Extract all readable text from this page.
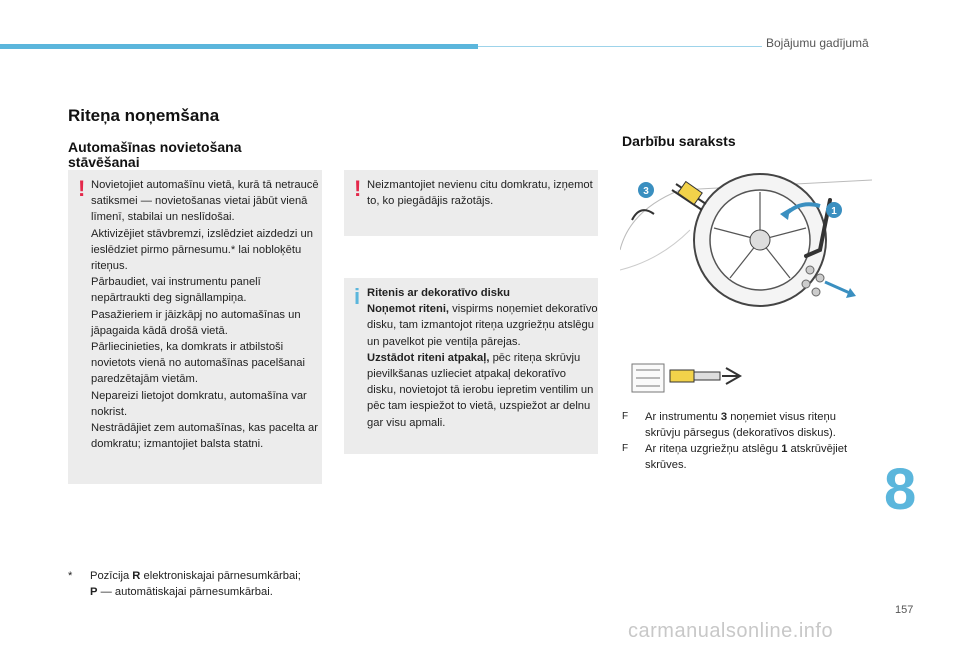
Bojājumu gadījumā
Riteņa noņemšana
Automašīnas novietošana stāvēšanai
Darbību saraksts
! Novietojiet automašīnu vietā, kurā tā netraucē satiksmei — novietošanas vietai jābūt vienā līmenī, stabilai un neslīdošai.
Aktivizējiet stāvbremzi, izslēdziet aizdedzi un ieslēdziet pirmo pārnesumu.* lai nobloķētu riteņus.
Pārbaudiet, vai instrumentu panelī nepārtraukti deg signāllampiņa.
Pasažieriem ir jāizkāpj no automašīnas un jāpagaida kādā drošā vietā.
Pārliecinieties, ka domkrats ir atbilstoši novietots vienā no automašīnas pacelšanai paredzētajām vietām.
Nepareizi lietojot domkratu, automašīna var nokrist.
Nestrādājiet zem automašīnas, kas pacelta ar domkratu; izmantojiet balsta statni.
! Neizmantojiet nevienu citu domkratu, izņemot to, ko piegādājis ražotājs.
i Ritenis ar dekoratīvo disku
Noņemot riteni, vispirms noņemiet dekoratīvo disku, tam izmantojot riteņa uzgriežņu atslēgu un pavelkot pie ventiļa pārejas.
Uzstādot riteni atpakaļ, pēc riteņa skrūvju pievilkšanas uzlieciet atpakaļ dekoratīvo disku, novietojot tā ierobu iepretim ventilim un pēc tam iespiežot to vietā, uzspiežot ar delnu gar visu apmali.
* Pozīcija R elektroniskajai pārnesumkārbai;
P — automātiskajai pārnesumkārbai.
3
1
F Ar instrumentu 3 noņemiet visus riteņu skrūvju pārsegus (dekoratīvos diskus).
F Ar riteņa uzgriežņu atslēgu 1 atskrūvējiet skrūves.	8
157
carmanualsonline.info
